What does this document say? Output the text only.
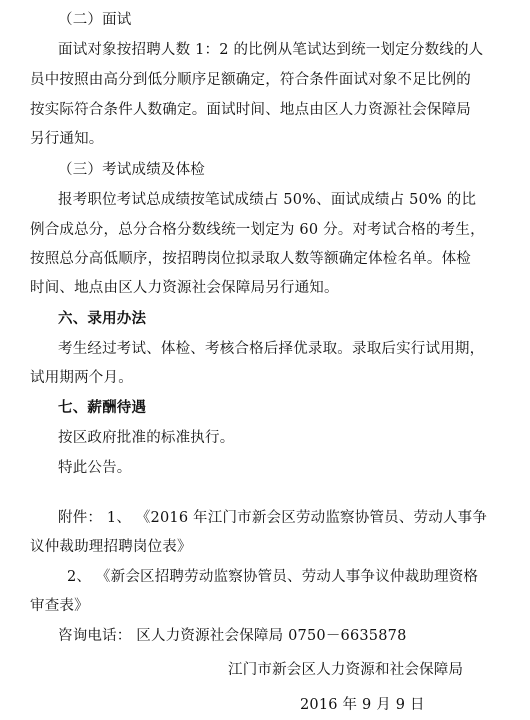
（二）面试
面试对象按招聘人数 1：2 的比例从笔试达到统一划定分数线的人
员中按照由高分到低分顺序足额确定，符合条件面试对象不足比例的
按实际符合条件人数确定。面试时间、地点由区人力资源社会保障局
另行通知。
（三）考试成绩及体检
报考职位考试总成绩按笔试成绩占 50%、面试成绩占 50% 的比
例合成总分，总分合格分数线统一划定为 60 分。对考试合格的考生，
按照总分高低顺序，按招聘岗位拟录取人数等额确定体检名单。体检
时间、地点由区人力资源社会保障局另行通知。
六、录用办法
考生经过考试、体检、考核合格后择优录取。录取后实行试用期，
试用期两个月。
七、薪酬待遇
按区政府批准的标准执行。
特此公告。
附件： 1、 《2016 年江门市新会区劳动监察协管员、劳动人事争
议仲裁助理招聘岗位表》
2、 《新会区招聘劳动监察协管员、劳动人事争议仲裁助理资格
审查表》
咨询电话： 区人力资源社会保障局 0750－6635878
江门市新会区人力资源和社会保障局
2016 年 9 月 9 日
